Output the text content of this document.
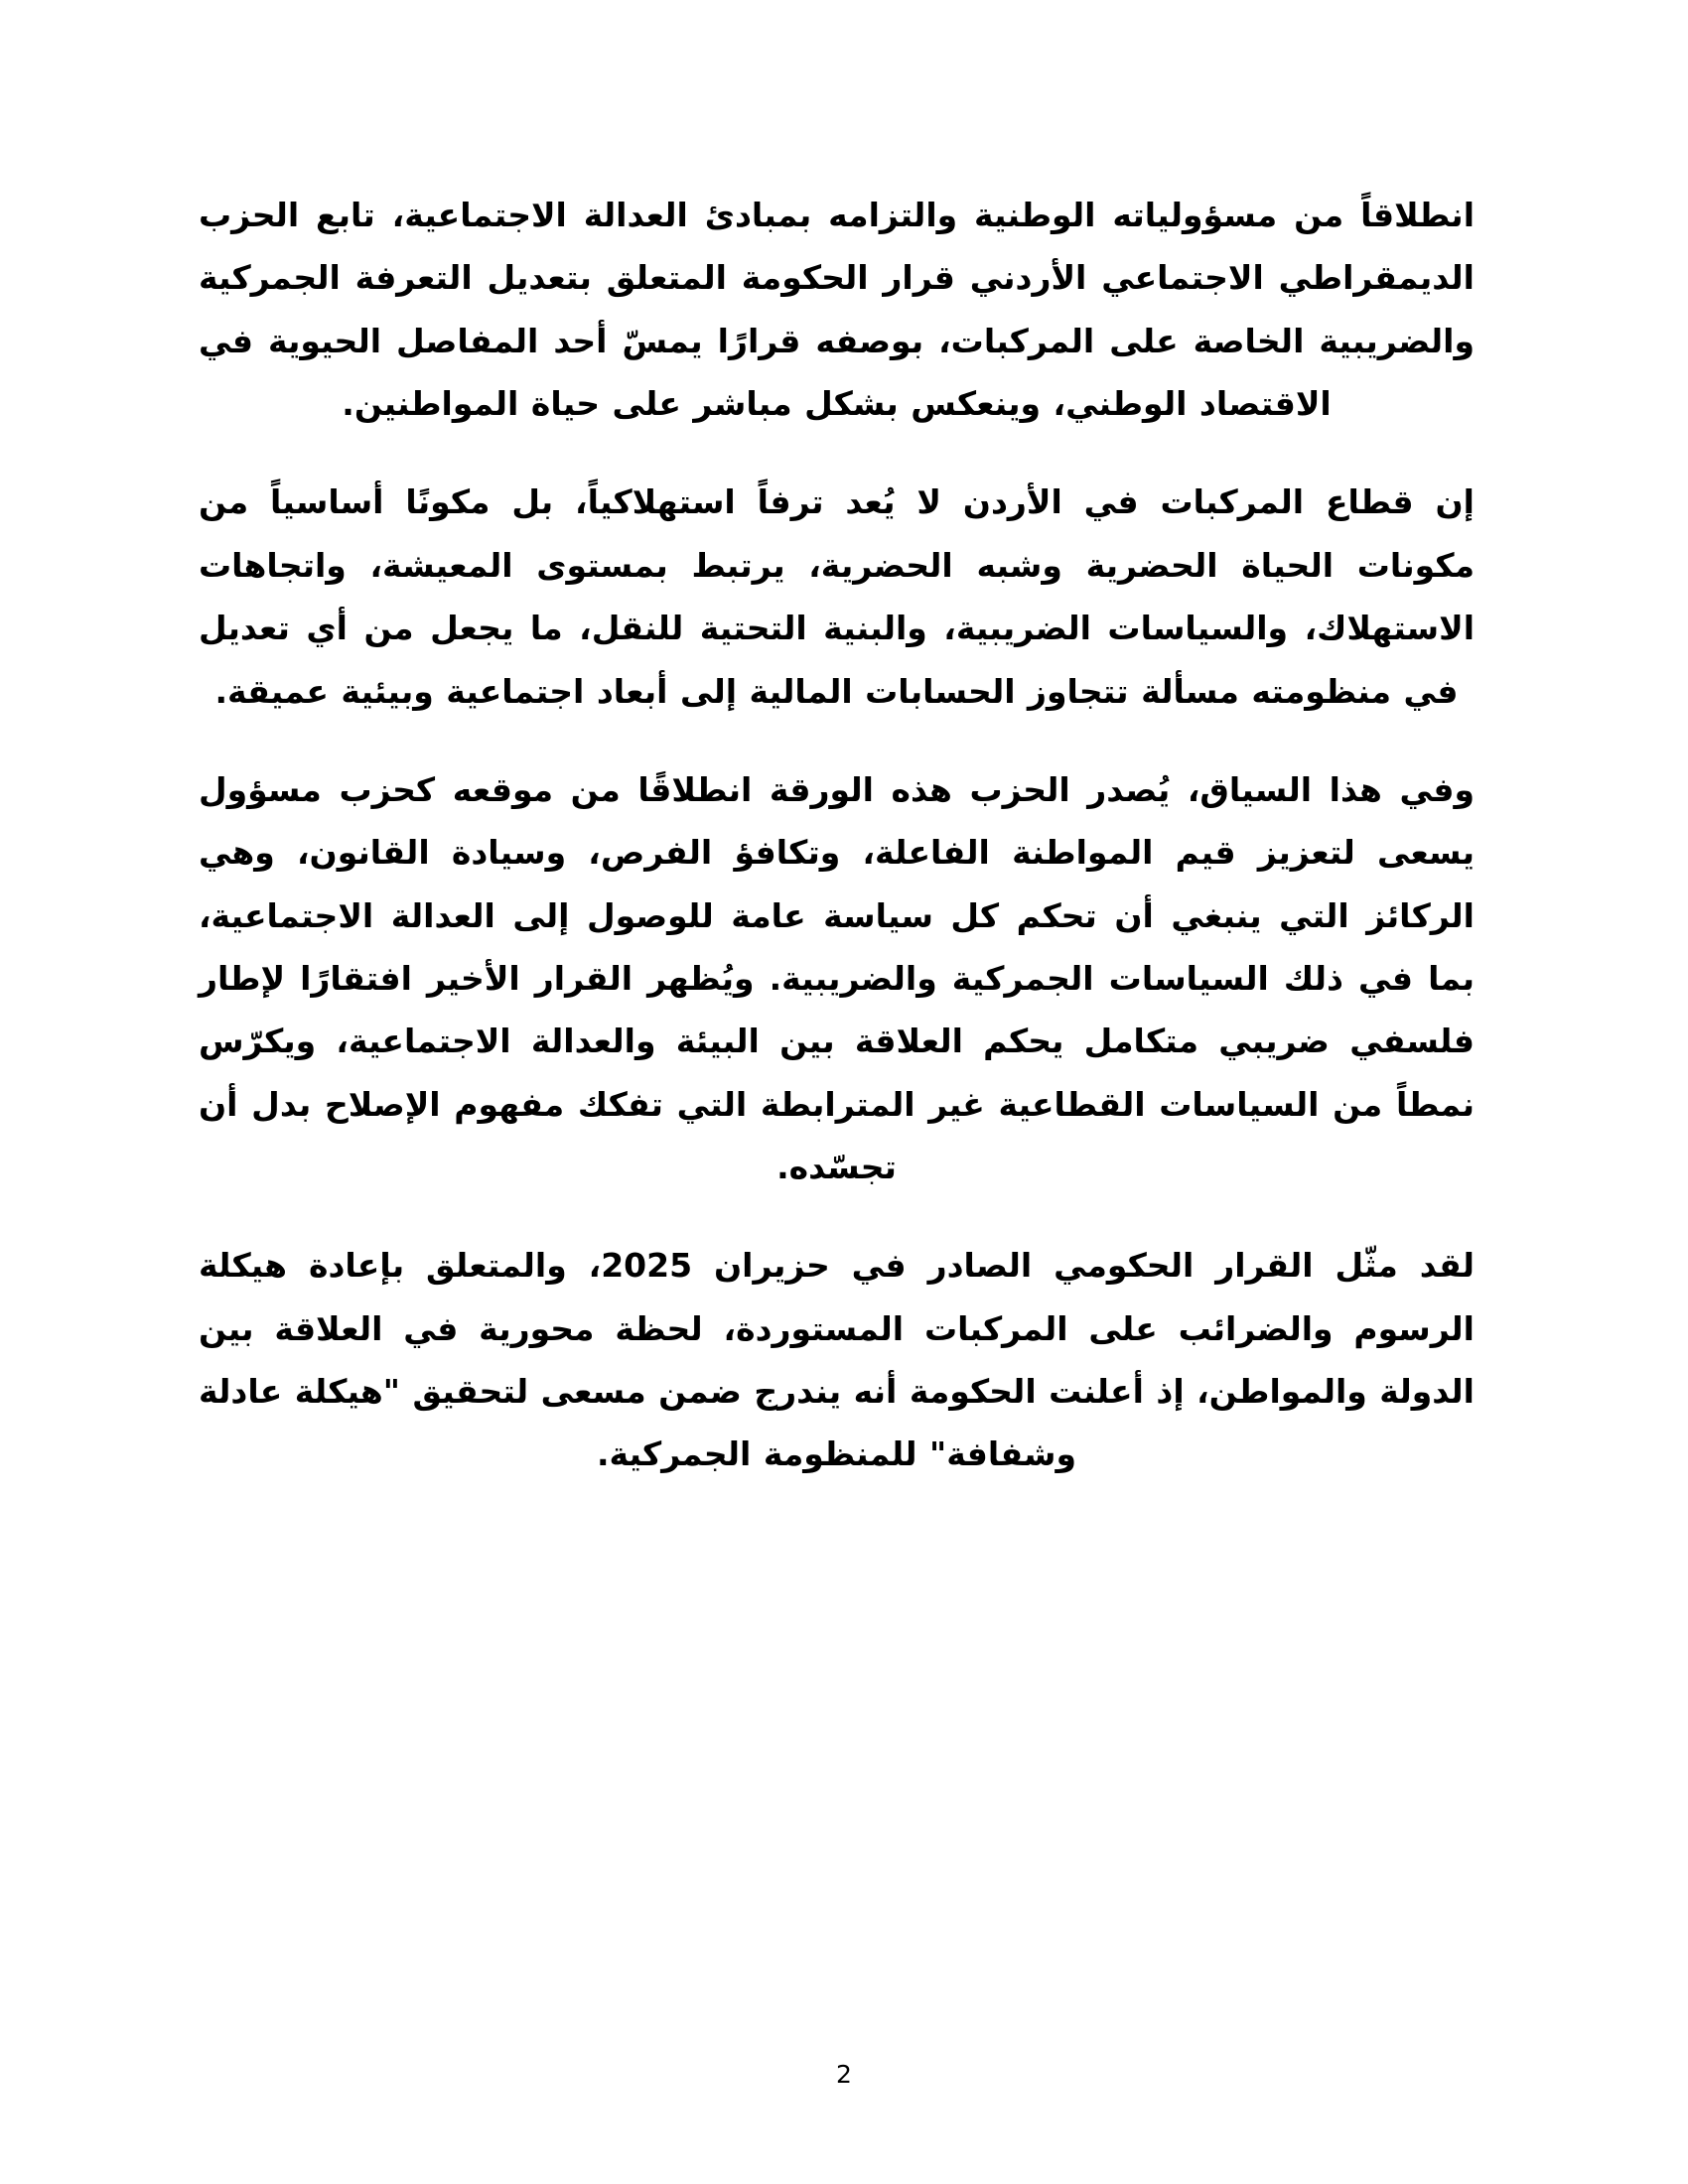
انطلاقاً من مسؤولياته الوطنية والتزامه بمبادئ العدالة الاجتماعية، تابع الحزب الديمقراطي الاجتماعي الأردني قرار الحكومة المتعلق بتعديل التعرفة الجمركية والضريبية الخاصة على المركبات، بوصفه قرارًا يمسّ أحد المفاصل الحيوية في الاقتصاد الوطني، وينعكس بشكل مباشر على حياة المواطنين.

إن قطاع المركبات في الأردن لا يُعد ترفاً استهلاكياً، بل مكونًا أساسياً من مكونات الحياة الحضرية وشبه الحضرية، يرتبط بمستوى المعيشة، واتجاهات الاستهلاك، والسياسات الضريبية، والبنية التحتية للنقل، ما يجعل من أي تعديل في منظومته مسألة تتجاوز الحسابات المالية إلى أبعاد اجتماعية وبيئية عميقة.

وفي هذا السياق، يُصدر الحزب هذه الورقة انطلاقًا من موقعه كحزب مسؤول يسعى لتعزيز قيم المواطنة الفاعلة، وتكافؤ الفرص، وسيادة القانون، وهي الركائز التي ينبغي أن تحكم كل سياسة عامة للوصول إلى العدالة الاجتماعية، بما في ذلك السياسات الجمركية والضريبية. ويُظهر القرار الأخير افتقارًا لإطار فلسفي ضريبي متكامل يحكم العلاقة بين البيئة والعدالة الاجتماعية، ويكرّس نمطاً من السياسات القطاعية غير المترابطة التي تفكك مفهوم الإصلاح بدل أن تجسّده.

لقد مثّل القرار الحكومي الصادر في حزيران 2025، والمتعلق بإعادة هيكلة الرسوم والضرائب على المركبات المستوردة، لحظة محورية في العلاقة بين الدولة والمواطن، إذ أعلنت الحكومة أنه يندرج ضمن مسعى لتحقيق "هيكلة عادلة وشفافة" للمنظومة الجمركية.

2
